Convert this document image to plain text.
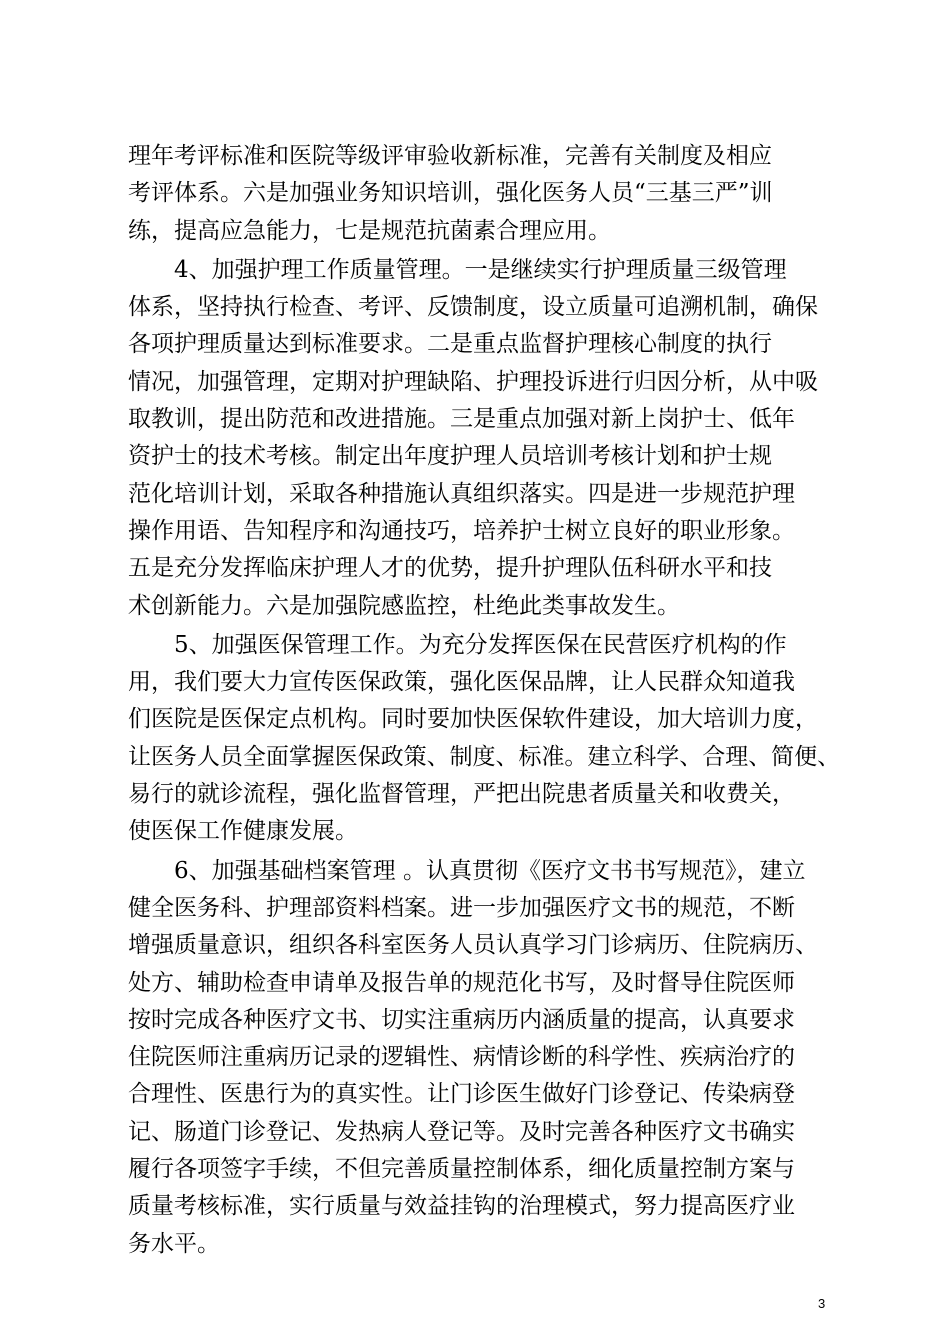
理年考评标准和医院等级评审验收新标准，完善有关制度及相应
考评体系。六是加强业务知识培训，强化医务人员“三基三严”训
练，提高应急能力，七是规范抗菌素合理应用。
4、加强护理工作质量管理。一是继续实行护理质量三级管理
体系，坚持执行检查、考评、反馈制度，设立质量可追溯机制，确保
各项护理质量达到标准要求。二是重点监督护理核心制度的执行
情况，加强管理，定期对护理缺陷、护理投诉进行归因分析，从中吸
取教训，提出防范和改进措施。三是重点加强对新上岗护士、低年
资护士的技术考核。制定出年度护理人员培训考核计划和护士规
范化培训计划，采取各种措施认真组织落实。四是进一步规范护理
操作用语、告知程序和沟通技巧，培养护士树立良好的职业形象。
五是充分发挥临床护理人才的优势，提升护理队伍科研水平和技
术创新能力。六是加强院感监控，杜绝此类事故发生。
5、加强医保管理工作。为充分发挥医保在民营医疗机构的作
用，我们要大力宣传医保政策，强化医保品牌，让人民群众知道我
们医院是医保定点机构。同时要加快医保软件建设，加大培训力度，
让医务人员全面掌握医保政策、制度、标准。建立科学、合理、简便、
易行的就诊流程，强化监督管理，严把出院患者质量关和收费关，
使医保工作健康发展。
6、加强基础档案管理 。认真贯彻《医疗文书书写规范》，建立
健全医务科、护理部资料档案。进一步加强医疗文书的规范，不断
增强质量意识，组织各科室医务人员认真学习门诊病历、住院病历、
处方、辅助检查申请单及报告单的规范化书写，及时督导住院医师
按时完成各种医疗文书、切实注重病历内涵质量的提高，认真要求
住院医师注重病历记录的逻辑性、病情诊断的科学性、疾病治疗的
合理性、医患行为的真实性。让门诊医生做好门诊登记、传染病登
记、肠道门诊登记、发热病人登记等。及时完善各种医疗文书确实
履行各项签字手续，不但完善质量控制体系，细化质量控制方案与
质量考核标准，实行质量与效益挂钩的治理模式，努力提高医疗业
务水平。
3
